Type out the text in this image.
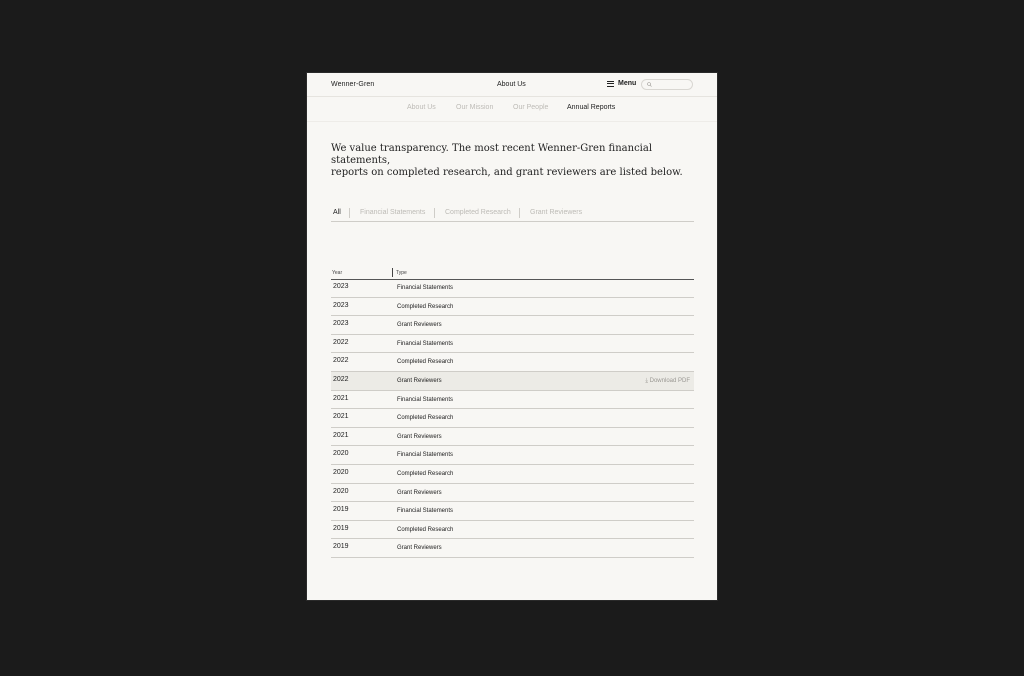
Wenner-Gren	About Us	Menu
About Us	Our Mission	Our People	Annual Reports
We value transparency. The most recent Wenner-Gren financial statements,
reports on completed research, and grant reviewers are listed below.
All	Financial Statements	Completed Research	Grant Reviewers
Year	Type
2023	Financial Statements
2023	Completed Research
2023	Grant Reviewers
2022	Financial Statements
2022	Completed Research
2022	Grant Reviewers	⤓ Download PDF
2021	Financial Statements
2021	Completed Research
2021	Grant Reviewers
2020	Financial Statements
2020	Completed Research
2020	Grant Reviewers
2019	Financial Statements
2019	Completed Research
2019	Grant Reviewers
